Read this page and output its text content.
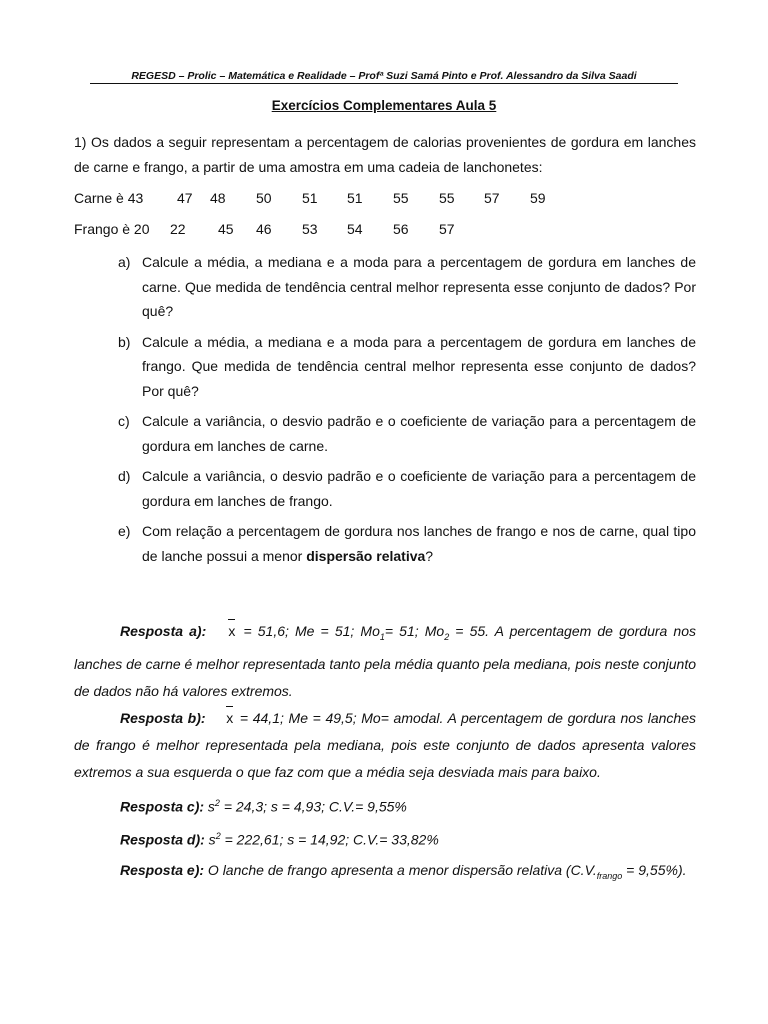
REGESD – Prolic – Matemática e Realidade – Profª Suzi Samá Pinto e Prof. Alessandro da Silva Saadi
Exercícios Complementares Aula 5
1) Os dados a seguir representam a percentagem de calorias provenientes de gordura em lanches de carne e frango, a partir de uma amostra em uma cadeia de lanchonetes:
Carne è 43 47 48 50 51 51 55 55 57 59
Frango è 20 22 45 46 53 54 56 57
a) Calcule a média, a mediana e a moda para a percentagem de gordura em lanches de carne. Que medida de tendência central melhor representa esse conjunto de dados? Por quê?
b) Calcule a média, a mediana e a moda para a percentagem de gordura em lanches de frango. Que medida de tendência central melhor representa esse conjunto de dados? Por quê?
c) Calcule a variância, o desvio padrão e o coeficiente de variação para a percentagem de gordura em lanches de carne.
d) Calcule a variância, o desvio padrão e o coeficiente de variação para a percentagem de gordura em lanches de frango.
e) Com relação a percentagem de gordura nos lanches de frango e nos de carne, qual tipo de lanche possui a menor dispersão relativa?
Resposta a): x = 51,6; Me = 51; $Mo_1= 51$; $Mo_2 = 55$. A percentagem de gordura nos lanches de carne é melhor representada tanto pela média quanto pela mediana, pois neste conjunto de dados não há valores extremos.
Resposta b): x = 44,1; Me = 49,5; Mo= amodal. A percentagem de gordura nos lanches de frango é melhor representada pela mediana, pois este conjunto de dados apresenta valores extremos a sua esquerda o que faz com que a média seja desviada mais para baixo.
Resposta c): $s^2 = 24,3$; s = 4,93; C.V.= 9,55%
Resposta d): $s^2 = 222,61$; s = 14,92; C.V.= 33,82%
Resposta e): O lanche de frango apresenta a menor dispersão relativa $(C.V._{frango} = 9,55\%)$.
